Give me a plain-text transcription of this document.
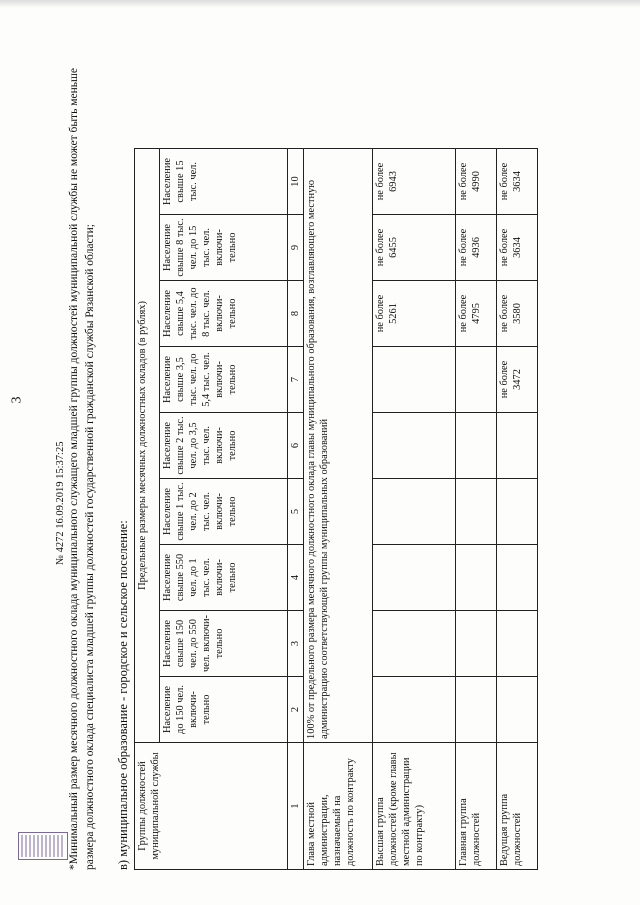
3	*Минимальный размер месячного должностного оклада муниципального служащего младшей группы должностей муниципальной службы не может быть меньше размера должностного оклада специалиста младшей группы должностей государственной гражданской службы Рязанской области; в) муниципальное образование - городское и сельское поселение: Группы должностей муниципальной службы	Предельные размеры месячных должностных окладов (в рублях)								
	Население до 150 чел. включи-тельно	Население свыше 150 чел. до 550 чел. включи-тельно	Население свыше 550 чел. до 1 тыс. чел. включи-тельно	Население свыше 1 тыс. чел. до 2 тыс. чел. включи-тельно	Население свыше 2 тыс. чел. до 3,5 тыс. чел. включи-тельно	Население свыше 3,5 тыс. чел. до 5,4 тыс. чел. включи-тельно	Население свыше 5,4 тыс. чел. до 8 тыс. чел. включи-тельно	Население свыше 8 тыс. чел. до 15 тыс. чел. включи-тельно	Население свыше 15 тыс. чел.
1	2	3	4	5	6	7	8	9	10
Глава местной администрации, назначаемый на должность по контракту	100% от предельного размера месячного должностного оклада главы муниципального образования, возглавляющего местную администрацию соответствующей группы муниципальных образований								
Высшая группа должностей (кроме главы местной администрации по контракту)							не более 5261	не более 6455	не более 6943
Главная группа должностей							не более 4795	не более 4936	не более 4990
Ведущая группа должностей						не более 3472	не более 3580	не более 3634	не более 3634
№ 4272 16.09.2019 15:37:25
